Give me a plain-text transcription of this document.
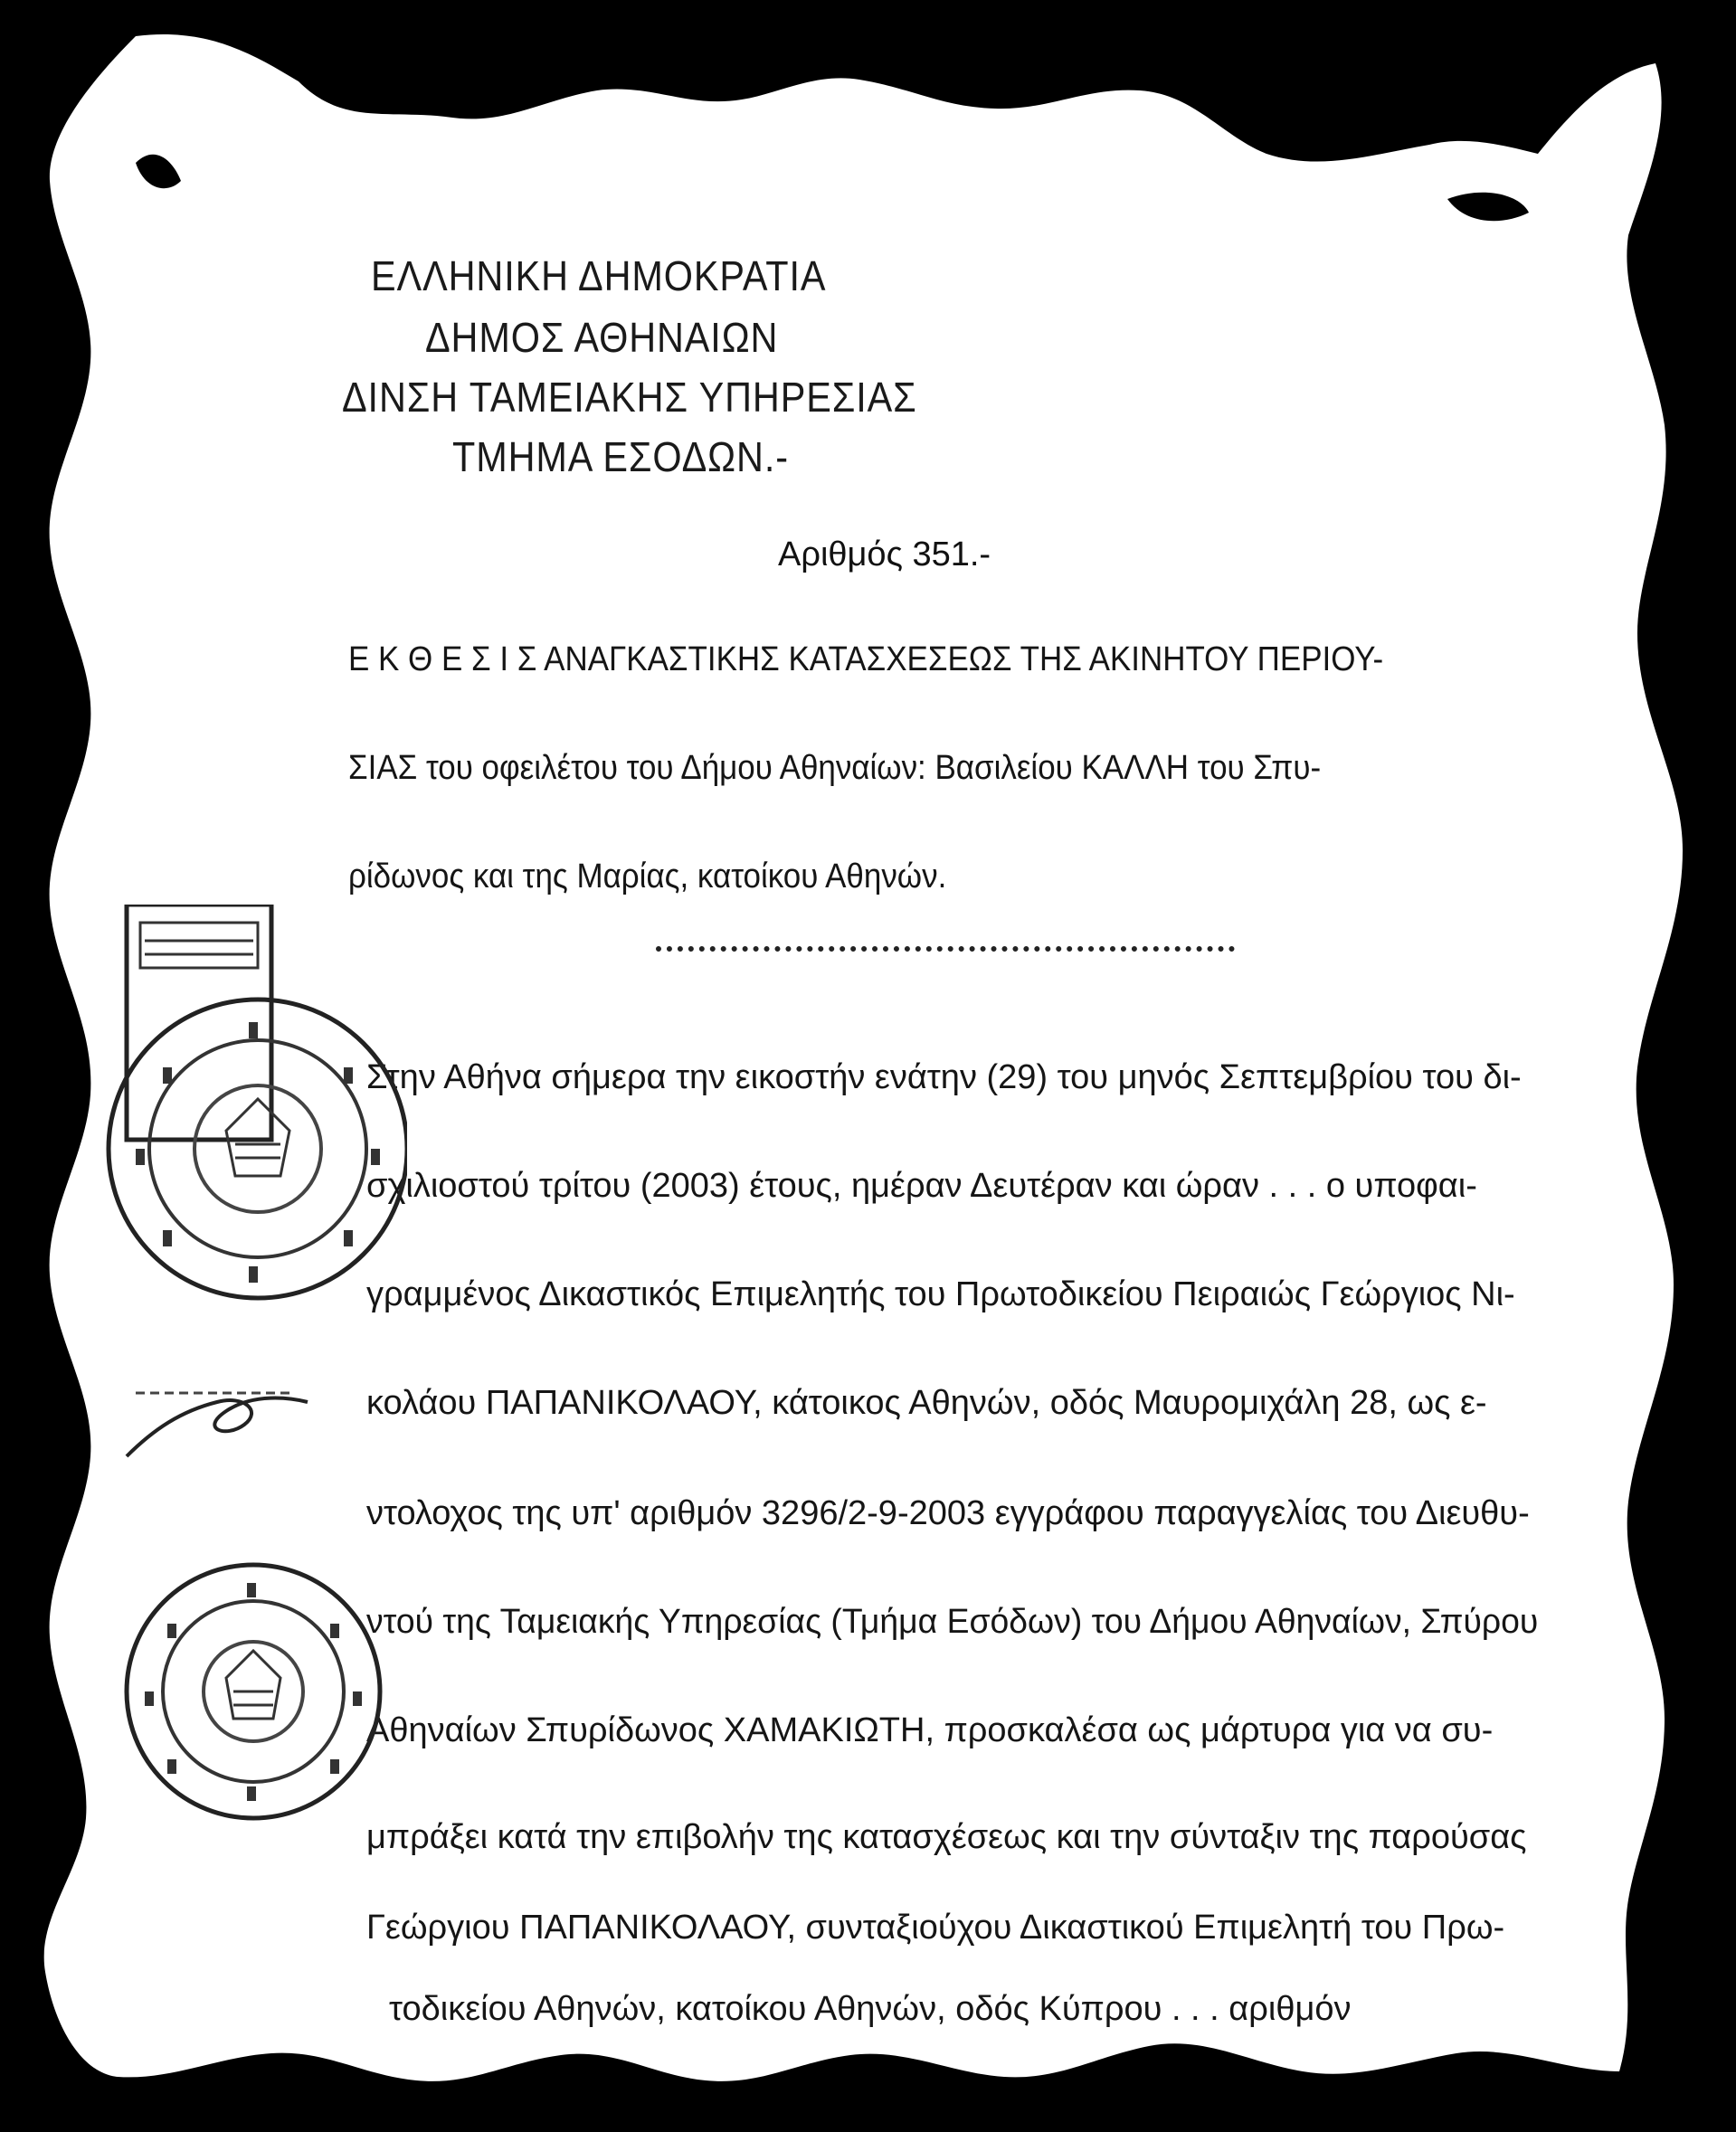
ΕΛΛΗΝΙΚΗ ΔΗΜΟΚΡΑΤΙΑ
ΔΗΜΟΣ ΑΘΗΝΑΙΩΝ
ΔΙΝΣΗ ΤΑΜΕΙΑΚΗΣ ΥΠΗΡΕΣΙΑΣ
ΤΜΗΜΑ ΕΣΟΔΩΝ.-
Αριθμός 351.-
Ε Κ Θ Ε Σ Ι Σ ΑΝΑΓΚΑΣΤΙΚΗΣ ΚΑΤΑΣΧΕΣΕΩΣ ΤΗΣ ΑΚΙΝΗΤΟΥ ΠΕΡΙΟΥ-
ΣΙΑΣ του οφειλέτου του Δήμου Αθηναίων: Βασιλείου ΚΑΛΛΗ του Σπυ-
ρίδωνος και της Μαρίας, κατοίκου Αθηνών.
Στην Αθήνα σήμερα την εικοστήν ενάτην (29) του μηνός Σεπτεμβρίου του δι-
σχιλιοστού τρίτου (2003) έτους, ημέραν Δευτέραν και ώραν . . . ο υποφαι-
γραμμένος Δικαστικός Επιμελητής του Πρωτοδικείου Πειραιώς Γεώργιος Νι-
κολάου ΠΑΠΑΝΙΚΟΛΑΟΥ, κάτοικος Αθηνών, οδός Μαυρομιχάλη 28, ως ε-
ντολοχος της υπ' αριθμόν 3296/2-9-2003 εγγράφου παραγγελίας του Διευθυ-
ντού της Ταμειακής Υπηρεσίας (Τμήμα Εσόδων) του Δήμου Αθηναίων, Σπύρου
Αθηναίων Σπυρίδωνος ΧΑΜΑΚΙΩΤΗ, προσκαλέσα ως μάρτυρα για να συ-
μπράξει κατά την επιβολήν της κατασχέσεως και την σύνταξιν της παρούσας
Γεώργιου ΠΑΠΑΝΙΚΟΛΑΟΥ, συνταξιούχου Δικαστικού Επιμελητή του Πρω-
τοδικείου Αθηνών, κατοίκου Αθηνών, οδός Κύπρου . . . αριθμόν
